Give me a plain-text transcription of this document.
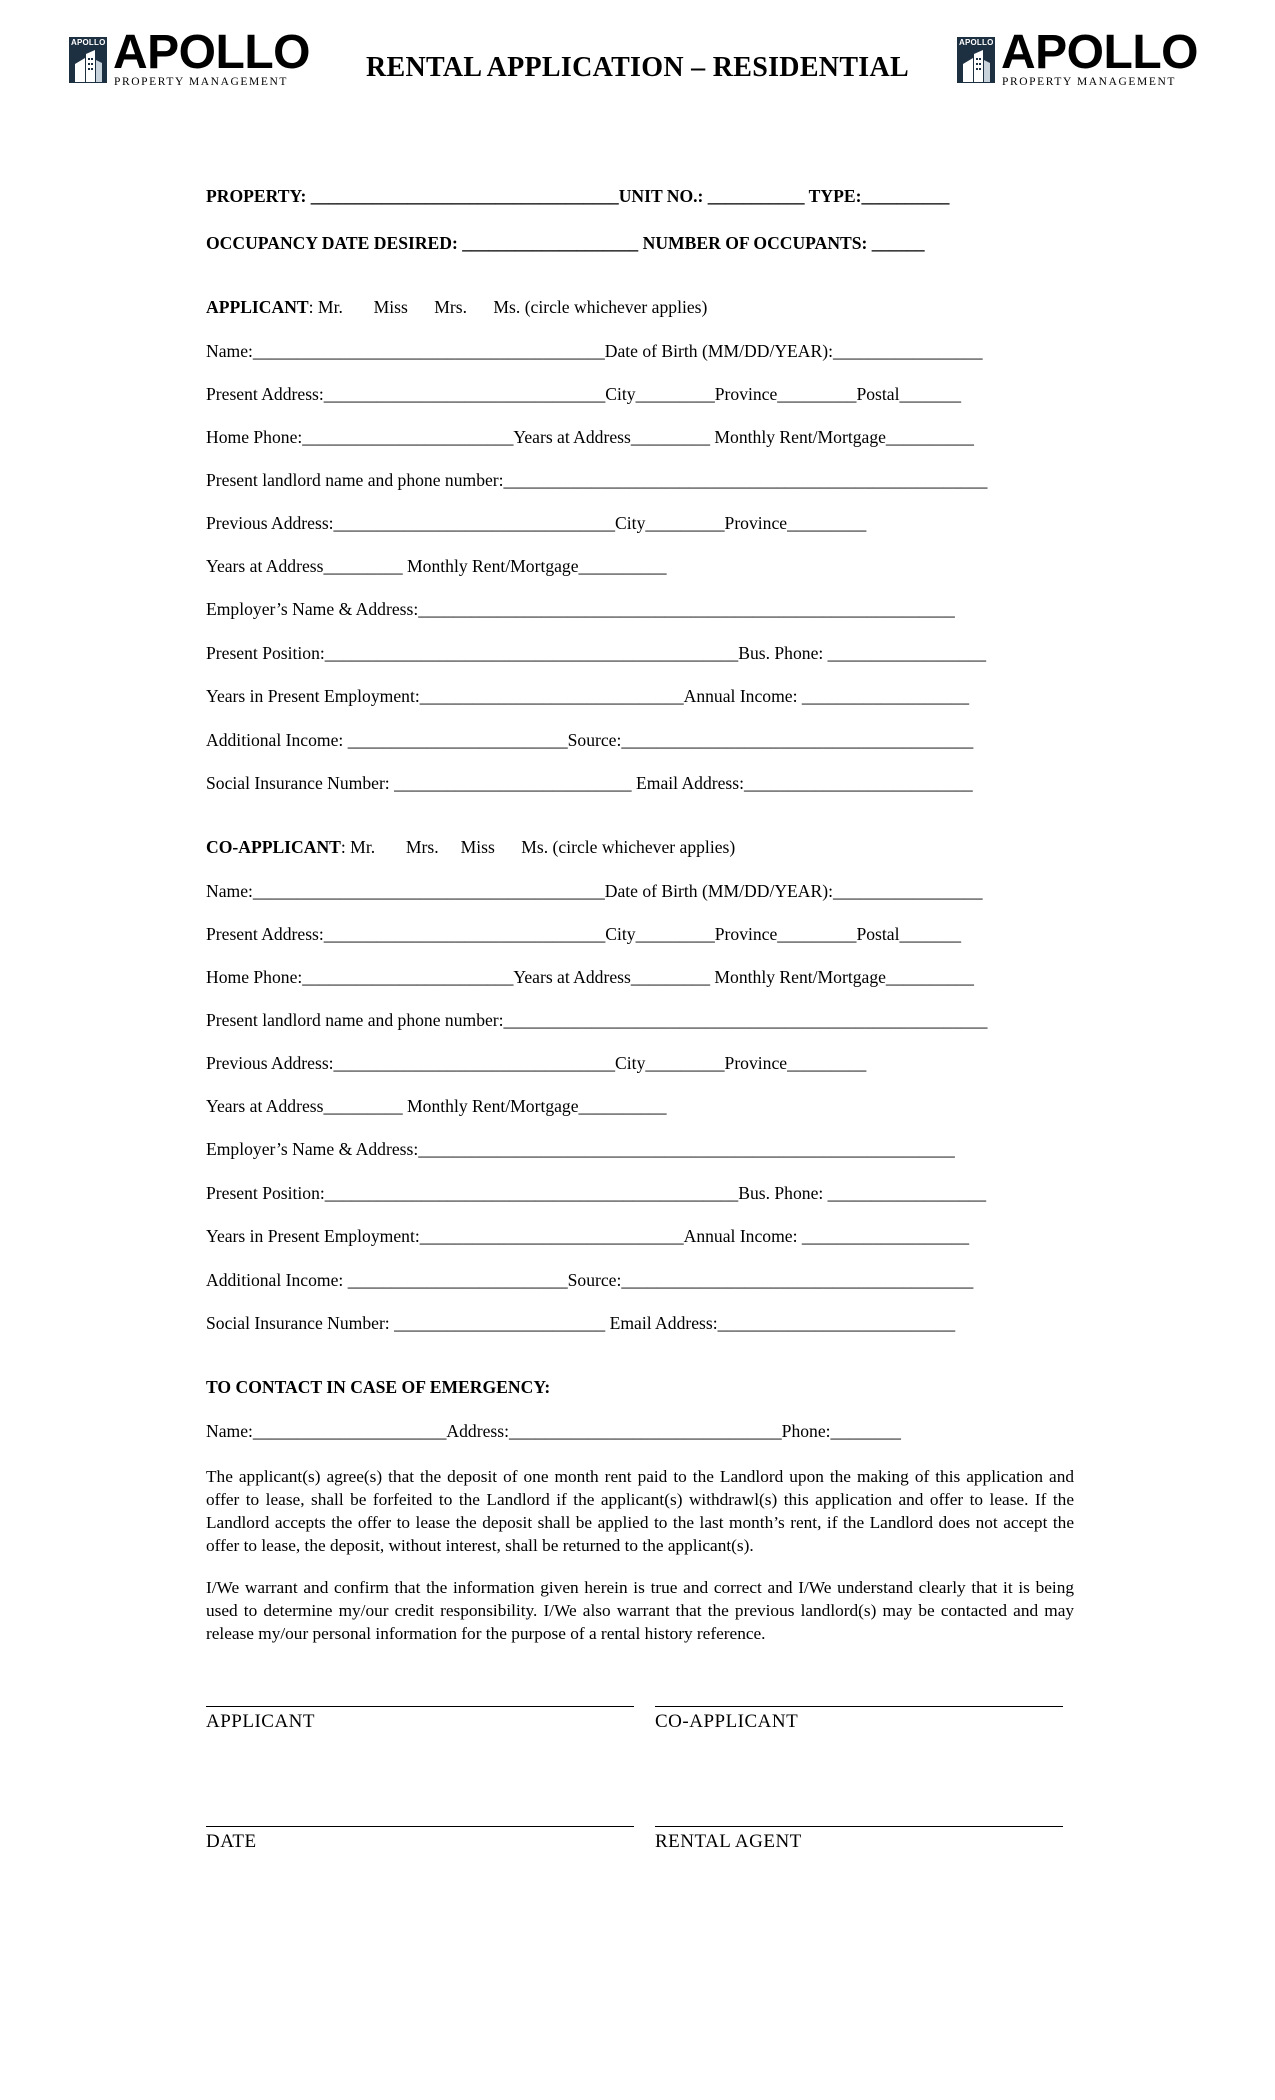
APOLLO APOLLO
PROPERTY MANAGEMENT
APOLLO APOLLO
PROPERTY MANAGEMENT
RENTAL APPLICATION – RESIDENTIAL
PROPERTY: ___________________________________UNIT NO.: ___________ TYPE:__________
OCCUPANCY DATE DESIRED: ____________________ NUMBER OF OCCUPANTS: ______
APPLICANT: Mr.       Miss      Mrs.      Ms. (circle whichever applies)
Name:________________________________________Date of Birth (MM/DD/YEAR):_________________
Present Address:________________________________City_________Province_________Postal_______
Home Phone:________________________Years at Address_________ Monthly Rent/Mortgage__________
Present landlord name and phone number:_______________________________________________________
Previous Address:________________________________City_________Province_________
Years at Address_________ Monthly Rent/Mortgage__________
Employer’s Name & Address:_____________________________________________________________
Present Position:_______________________________________________Bus. Phone: __________________
Years in Present Employment:______________________________Annual Income: ___________________
Additional Income: _________________________Source:________________________________________
Social Insurance Number: ___________________________ Email Address:__________________________
CO-APPLICANT: Mr.       Mrs.     Miss      Ms. (circle whichever applies)
Name:________________________________________Date of Birth (MM/DD/YEAR):_________________
Present Address:________________________________City_________Province_________Postal_______
Home Phone:________________________Years at Address_________ Monthly Rent/Mortgage__________
Present landlord name and phone number:_______________________________________________________
Previous Address:________________________________City_________Province_________
Years at Address_________ Monthly Rent/Mortgage__________
Employer’s Name & Address:_____________________________________________________________
Present Position:_______________________________________________Bus. Phone: __________________
Years in Present Employment:______________________________Annual Income: ___________________
Additional Income: _________________________Source:________________________________________
Social Insurance Number: ________________________ Email Address:___________________________
TO CONTACT IN CASE OF EMERGENCY:
Name:______________________Address:_______________________________Phone:________
The applicant(s) agree(s) that the deposit of one month rent paid to the Landlord upon the making of this application and offer to lease, shall be forfeited to the Landlord if the applicant(s) withdrawl(s) this application and offer to lease. If the Landlord accepts the offer to lease the deposit shall be applied to the last month’s rent, if the Landlord does not accept the offer to lease, the deposit, without interest, shall be returned to the applicant(s).
I/We warrant and confirm that the information given herein is true and correct and I/We understand clearly that it is being used to determine my/our credit responsibility. I/We also warrant that the previous landlord(s) may be contacted and may release my/our personal information for the purpose of a rental history reference.
APPLICANT	CO-APPLICANT
DATE	RENTAL AGENT
